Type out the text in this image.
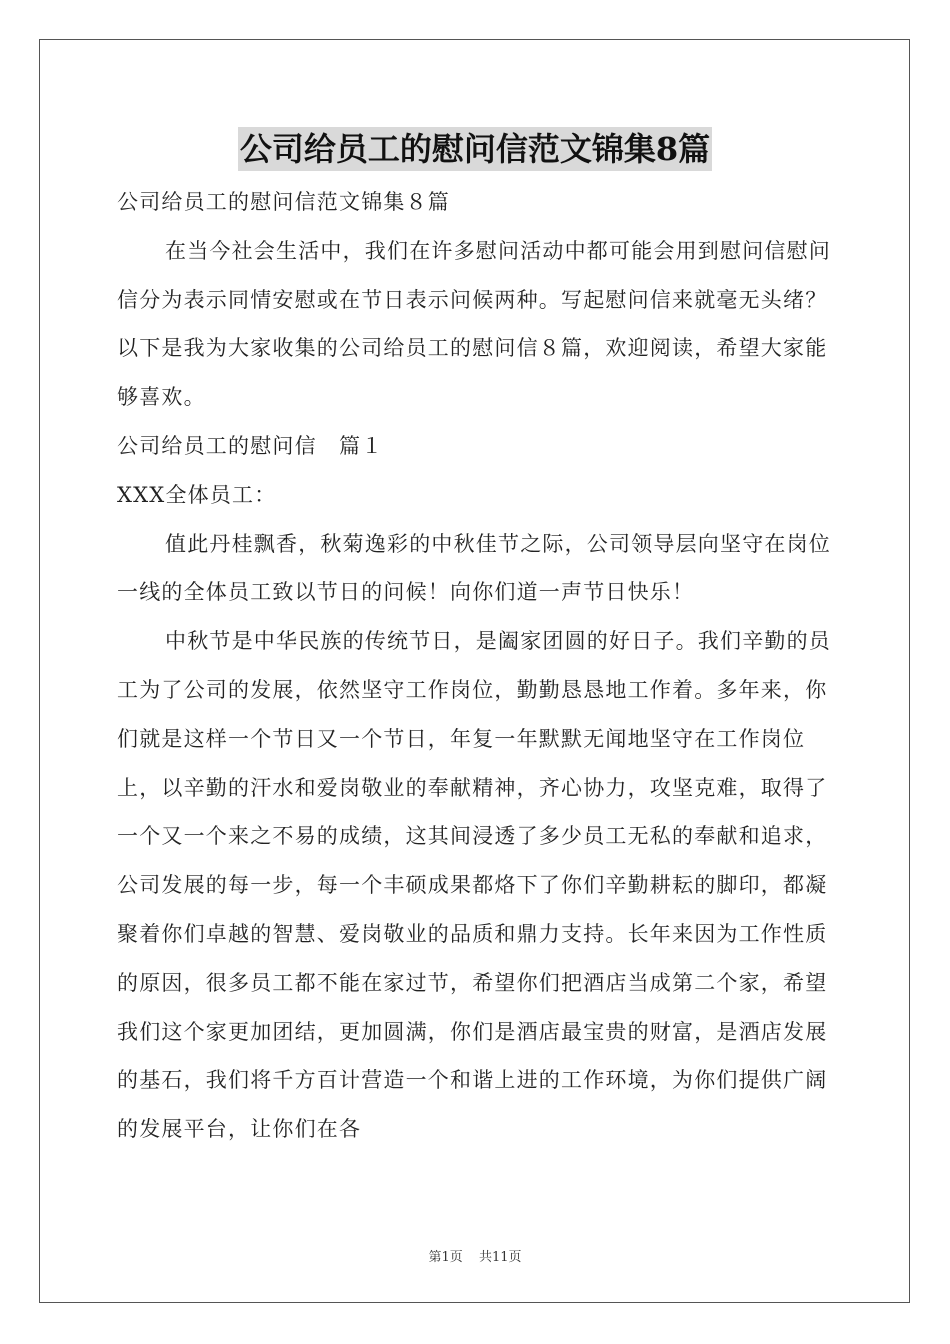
公司给员工的慰问信范文锦集8篇

公司给员工的慰问信范文锦集８篇

在当今社会生活中，我们在许多慰问活动中都可能会用到慰问信慰问信分为表示同情安慰或在节日表示问候两种。写起慰问信来就毫无头绪？以下是我为大家收集的公司给员工的慰问信８篇，欢迎阅读，希望大家能够喜欢。

公司给员工的慰问信　篇１

XXX全体员工：

值此丹桂飘香，秋菊逸彩的中秋佳节之际，公司领导层向坚守在岗位一线的全体员工致以节日的问候！向你们道一声节日快乐！

中秋节是中华民族的传统节日，是阖家团圆的好日子。我们辛勤的员工为了公司的发展，依然坚守工作岗位，勤勤恳恳地工作着。多年来，你们就是这样一个节日又一个节日，年复一年默默无闻地坚守在工作岗位上，以辛勤的汗水和爱岗敬业的奉献精神，齐心协力，攻坚克难，取得了一个又一个来之不易的成绩，这其间浸透了多少员工无私的奉献和追求，公司发展的每一步，每一个丰硕成果都烙下了你们辛勤耕耘的脚印，都凝聚着你们卓越的智慧、爱岗敬业的品质和鼎力支持。长年来因为工作性质的原因，很多员工都不能在家过节，希望你们把酒店当成第二个家，希望我们这个家更加团结，更加圆满，你们是酒店最宝贵的财富，是酒店发展的基石，我们将千方百计营造一个和谐上进的工作环境，为你们提供广阔的发展平台，让你们在各

第1页 共11页
